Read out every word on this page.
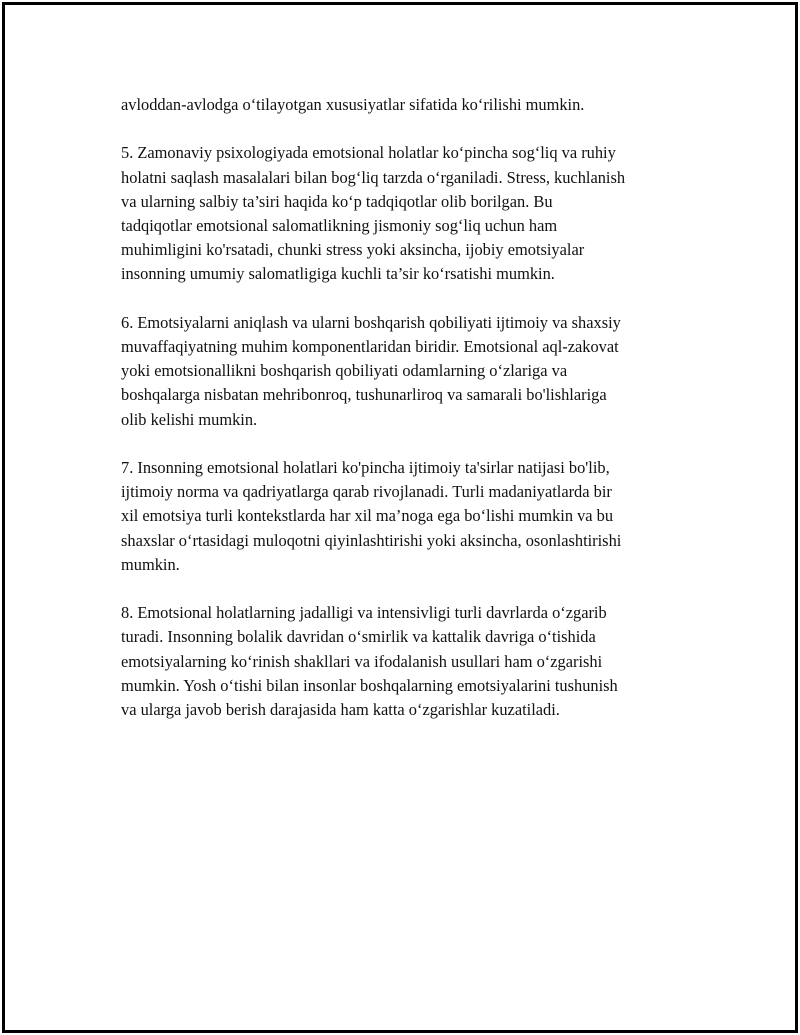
avloddan-avlodga o‘tilayotgan xususiyatlar sifatida ko‘rilishi mumkin.

5. Zamonaviy psixologiyada emotsional holatlar ko‘pincha sog‘liq va ruhiy
holatni saqlash masalalari bilan bog‘liq tarzda o‘rganiladi. Stress, kuchlanish
va ularning salbiy ta’siri haqida ko‘p tadqiqotlar olib borilgan. Bu
tadqiqotlar emotsional salomatlikning jismoniy sog‘liq uchun ham
muhimligini ko'rsatadi, chunki stress yoki aksincha, ijobiy emotsiyalar
insonning umumiy salomatligiga kuchli ta’sir ko‘rsatishi mumkin.

6. Emotsiyalarni aniqlash va ularni boshqarish qobiliyati ijtimoiy va shaxsiy
muvaffaqiyatning muhim komponentlaridan biridir. Emotsional aql-zakovat
yoki emotsionallikni boshqarish qobiliyati odamlarning o‘zlariga va
boshqalarga nisbatan mehribonroq, tushunarliroq va samarali bo'lishlariga
olib kelishi mumkin.

7. Insonning emotsional holatlari ko'pincha ijtimoiy ta'sirlar natijasi bo'lib,
ijtimoiy norma va qadriyatlarga qarab rivojlanadi. Turli madaniyatlarda bir
xil emotsiya turli kontekstlarda har xil ma’noga ega bo‘lishi mumkin va bu
shaxslar o‘rtasidagi muloqotni qiyinlashtirishi yoki aksincha, osonlashtirishi
mumkin.

8. Emotsional holatlarning jadalligi va intensivligi turli davrlarda o‘zgarib
turadi. Insonning bolalik davridan o‘smirlik va kattalik davriga o‘tishida
emotsiyalarning ko‘rinish shakllari va ifodalanish usullari ham o‘zgarishi
mumkin. Yosh o‘tishi bilan insonlar boshqalarning emotsiyalarini tushunish
va ularga javob berish darajasida ham katta o‘zgarishlar kuzatiladi.
